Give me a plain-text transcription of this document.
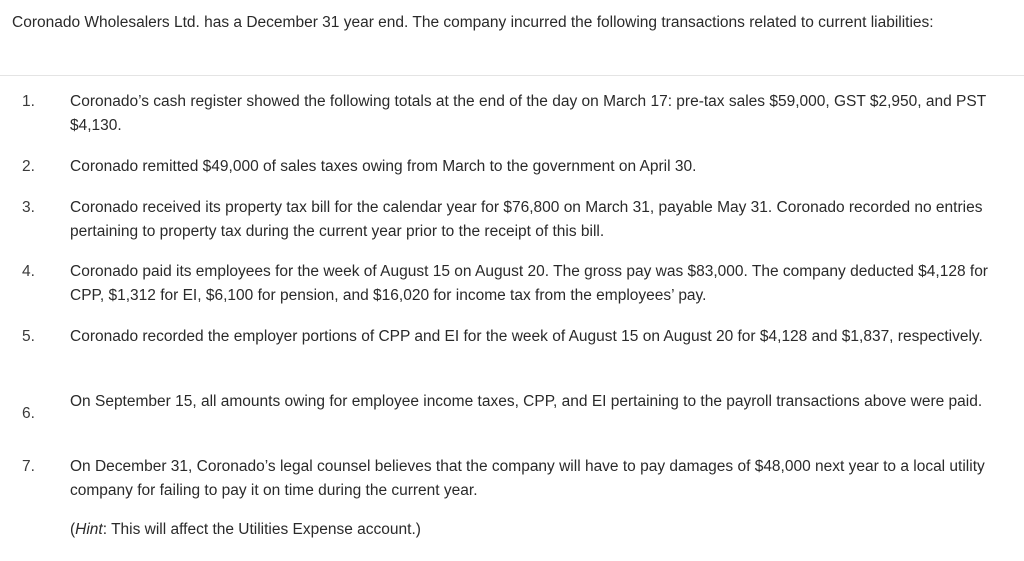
Coronado Wholesalers Ltd. has a December 31 year end. The company incurred the following transactions related to current liabilities:

1.	Coronado’s cash register showed the following totals at the end of the day on March 17: pre-tax sales $59,000, GST $2,950, and PST $4,130.

2.	Coronado remitted $49,000 of sales taxes owing from March to the government on April 30.

3.	Coronado received its property tax bill for the calendar year for $76,800 on March 31, payable May 31. Coronado recorded no entries pertaining to property tax during the current year prior to the receipt of this bill.

4.	Coronado paid its employees for the week of August 15 on August 20. The gross pay was $83,000. The company deducted $4,128 for CPP, $1,312 for EI, $6,100 for pension, and $16,020 for income tax from the employees’ pay.

5.	Coronado recorded the employer portions of CPP and EI for the week of August 15 on August 20 for $4,128 and $1,837, respectively.

6.

On September 15, all amounts owing for employee income taxes, CPP, and EI pertaining to the payroll transactions above were paid.

7.	On December 31, Coronado’s legal counsel believes that the company will have to pay damages of $48,000 next year to a local utility company for failing to pay it on time during the current year.

(Hint: This will affect the Utilities Expense account.)
